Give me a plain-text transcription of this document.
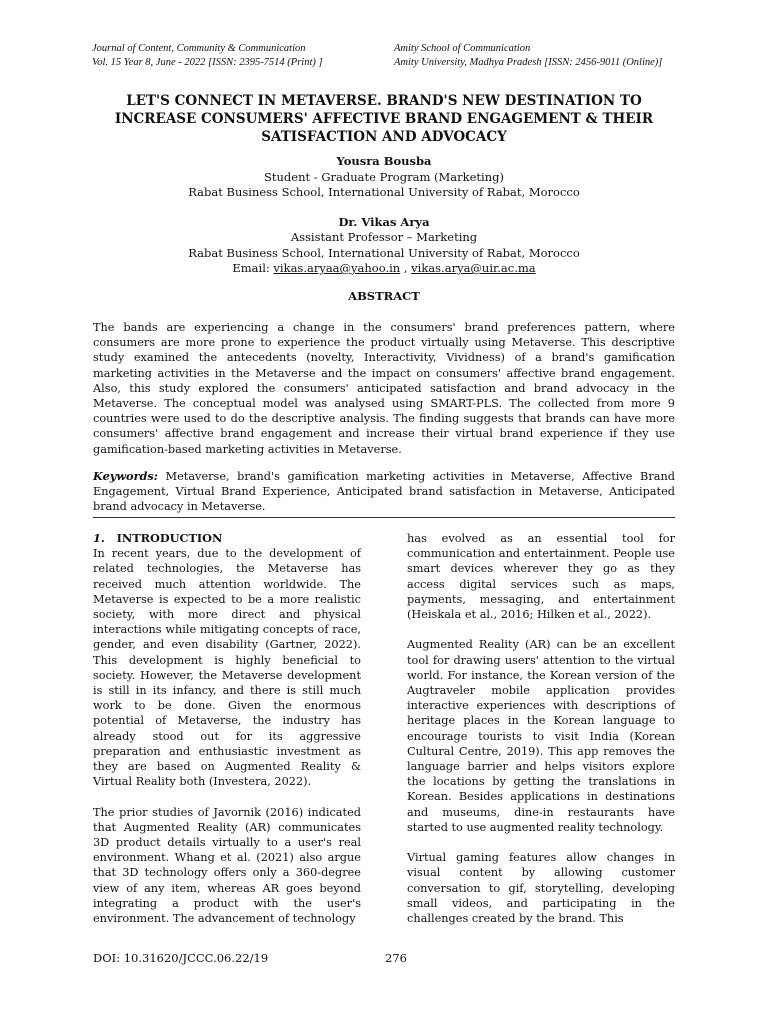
Journal of Content, Community & Communication
Vol. 15 Year 8, June - 2022 [ISSN: 2395-7514 (Print) ]
Amity School of Communication
Amity University, Madhya Pradesh [ISSN: 2456-9011 (Online)]
LET'S CONNECT IN METAVERSE. BRAND'S NEW DESTINATION TO
INCREASE CONSUMERS' AFFECTIVE BRAND ENGAGEMENT & THEIR
SATISFACTION AND ADVOCACY
Yousra Bousba
Student - Graduate Program (Marketing)
Rabat Business School, International University of Rabat, Morocco
Dr. Vikas Arya
Assistant Professor – Marketing
Rabat Business School, International University of Rabat, Morocco
Email: vikas.aryaa@yahoo.in , vikas.arya@uir.ac.ma
ABSTRACT
The bands are experiencing a change in the consumers' brand preferences pattern, where consumers are more prone to experience the product virtually using Metaverse. This descriptive study examined the antecedents (novelty, Interactivity, Vividness) of a brand's gamification marketing activities in the Metaverse and the impact on consumers' affective brand engagement. Also, this study explored the consumers' anticipated satisfaction and brand advocacy in the Metaverse. The conceptual model was analysed using SMART-PLS. The collected from more 9 countries were used to do the descriptive analysis. The finding suggests that brands can have more consumers' affective brand engagement and increase their virtual brand experience if they use gamification-based marketing activities in Metaverse.
Keywords: Metaverse, brand's gamification marketing activities in Metaverse, Affective Brand Engagement, Virtual Brand Experience, Anticipated brand satisfaction in Metaverse, Anticipated brand advocacy in Metaverse.
1. INTRODUCTION

In recent years, due to the development of related technologies, the Metaverse has received much attention worldwide. The Metaverse is expected to be a more realistic society, with more direct and physical interactions while mitigating concepts of race, gender, and even disability (Gartner, 2022). This development is highly beneficial to society. However, the Metaverse development is still in its infancy, and there is still much work to be done. Given the enormous potential of Metaverse, the industry has already stood out for its aggressive preparation and enthusiastic investment as they are based on Augmented Reality & Virtual Reality both (Investera, 2022).

The prior studies of Javornik (2016) indicated that Augmented Reality (AR) communicates 3D product details virtually to a user's real environment. Whang et al. (2021) also argue that 3D technology offers only a 360-degree view of any item, whereas AR goes beyond integrating a product with the user's environment. The advancement of technology

has evolved as an essential tool for communication and entertainment. People use smart devices wherever they go as they access digital services such as maps, payments, messaging, and entertainment (Heiskala et al., 2016; Hilken et al., 2022).

Augmented Reality (AR) can be an excellent tool for drawing users' attention to the virtual world. For instance, the Korean version of the Augtraveler mobile application provides interactive experiences with descriptions of heritage places in the Korean language to encourage tourists to visit India (Korean Cultural Centre, 2019). This app removes the language barrier and helps visitors explore the locations by getting the translations in Korean. Besides applications in destinations and museums, dine-in restaurants have started to use augmented reality technology.

Virtual gaming features allow changes in visual content by allowing customer conversation to gif, storytelling, developing small videos, and participating in the challenges created by the brand. This

DOI: 10.31620/JCCC.06.22/19	276
